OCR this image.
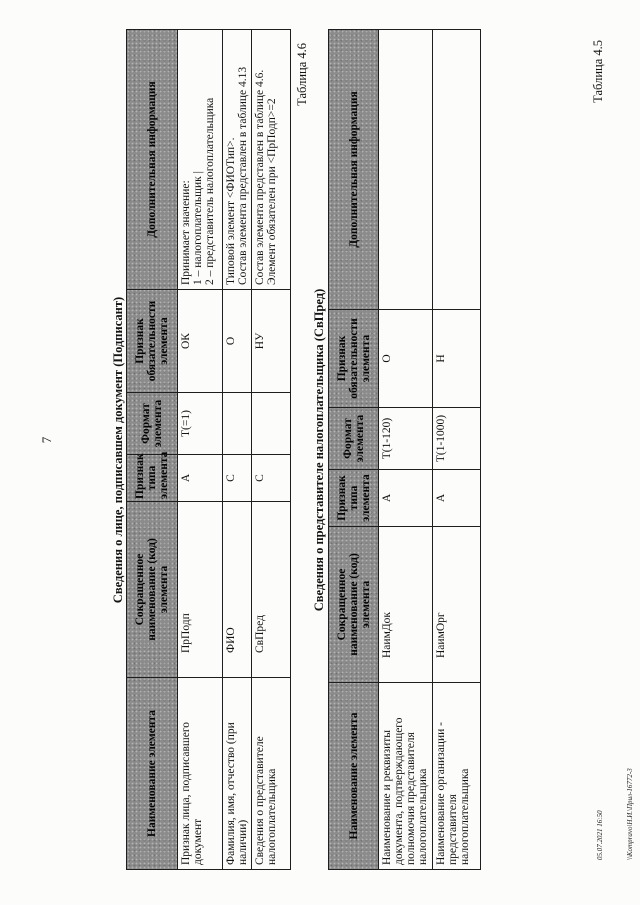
7
Таблица 4.5
Сведения о лице, подписавшем документ (Подписант)
Наименование элемента	Сокращенное
наименование (код)
элемента	Признак
типа
элемента	Формат
элемента	Признак
обязательности
элемента	Дополнительная информация
Признак лица, подписавшего
документ	ПрПодп	А	Т(=1)	ОК	Принимает значение:
1 – налогоплательщик |
2 – представитель налогоплательщика
Фамилия, имя, отчество (при
наличии)	ФИО	С		О	Типовой элемент <ФИОТип>.
Состав элемента представлен в таблице 4.13
Сведения о представителе
налогоплательщика	СвПред	С		НУ	Состав элемента представлен в таблице 4.6.
Элемент обязателен при <ПрПодп>=2
Таблица 4.6
Сведения о представителе налогоплательщика (СвПред)
Наименование элемента	Сокращенное
наименование (код)
элемента	Признак
типа
элемента	Формат
элемента	Признак
обязательности
элемента	Дополнительная информация
Наименование и реквизиты
документа, подтверждающего
полномочия представителя
налогоплательщика	НаимДок	А	Т(1-120)	О	
Наименование организации -
представителя
налогоплательщика	НаимОрг	А	Т(1-1000)	Н	

05.07.2021 16:50

	\\Kompravo\Н.И.\Прил-16772-3
